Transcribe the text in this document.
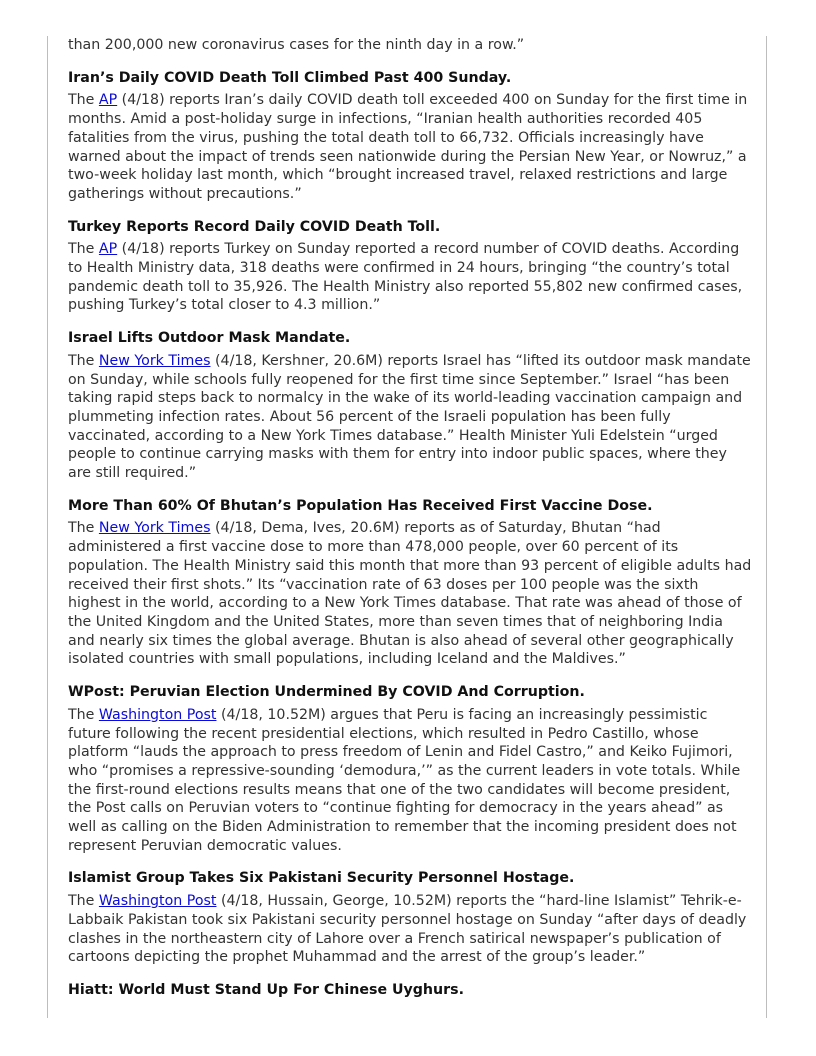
than 200,000 new coronavirus cases for the ninth day in a row.”

Iran’s Daily COVID Death Toll Climbed Past 400 Sunday.

The AP (4/18) reports Iran’s daily COVID death toll exceeded 400 on Sunday for the first time in months. Amid a post-holiday surge in infections, “Iranian health authorities recorded 405 fatalities from the virus, pushing the total death toll to 66,732. Officials increasingly have warned about the impact of trends seen nationwide during the Persian New Year, or Nowruz,” a two-week holiday last month, which “brought increased travel, relaxed restrictions and large gatherings without precautions.”

Turkey Reports Record Daily COVID Death Toll.

The AP (4/18) reports Turkey on Sunday reported a record number of COVID deaths. According to Health Ministry data, 318 deaths were confirmed in 24 hours, bringing “the country’s total pandemic death toll to 35,926. The Health Ministry also reported 55,802 new confirmed cases, pushing Turkey’s total closer to 4.3 million.”

Israel Lifts Outdoor Mask Mandate.

The New York Times (4/18, Kershner, 20.6M) reports Israel has “lifted its outdoor mask mandate on Sunday, while schools fully reopened for the first time since September.” Israel “has been taking rapid steps back to normalcy in the wake of its world-leading vaccination campaign and plummeting infection rates. About 56 percent of the Israeli population has been fully vaccinated, according to a New York Times database.” Health Minister Yuli Edelstein “urged people to continue carrying masks with them for entry into indoor public spaces, where they are still required.”

More Than 60% Of Bhutan’s Population Has Received First Vaccine Dose.

The New York Times (4/18, Dema, Ives, 20.6M) reports as of Saturday, Bhutan “had administered a first vaccine dose to more than 478,000 people, over 60 percent of its population. The Health Ministry said this month that more than 93 percent of eligible adults had received their first shots.” Its “vaccination rate of 63 doses per 100 people was the sixth highest in the world, according to a New York Times database. That rate was ahead of those of the United Kingdom and the United States, more than seven times that of neighboring India and nearly six times the global average. Bhutan is also ahead of several other geographically isolated countries with small populations, including Iceland and the Maldives.”

WPost: Peruvian Election Undermined By COVID And Corruption.

The Washington Post (4/18, 10.52M) argues that Peru is facing an increasingly pessimistic future following the recent presidential elections, which resulted in Pedro Castillo, whose platform “lauds the approach to press freedom of Lenin and Fidel Castro,” and Keiko Fujimori, who “promises a repressive-sounding ‘demodura,’” as the current leaders in vote totals. While the first-round elections results means that one of the two candidates will become president, the Post calls on Peruvian voters to “continue fighting for democracy in the years ahead” as well as calling on the Biden Administration to remember that the incoming president does not represent Peruvian democratic values.

Islamist Group Takes Six Pakistani Security Personnel Hostage.

The Washington Post (4/18, Hussain, George, 10.52M) reports the “hard-line Islamist” Tehrik-e-Labbaik Pakistan took six Pakistani security personnel hostage on Sunday “after days of deadly clashes in the northeastern city of Lahore over a French satirical newspaper’s publication of cartoons depicting the prophet Muhammad and the arrest of the group’s leader.”

Hiatt: World Must Stand Up For Chinese Uyghurs.
